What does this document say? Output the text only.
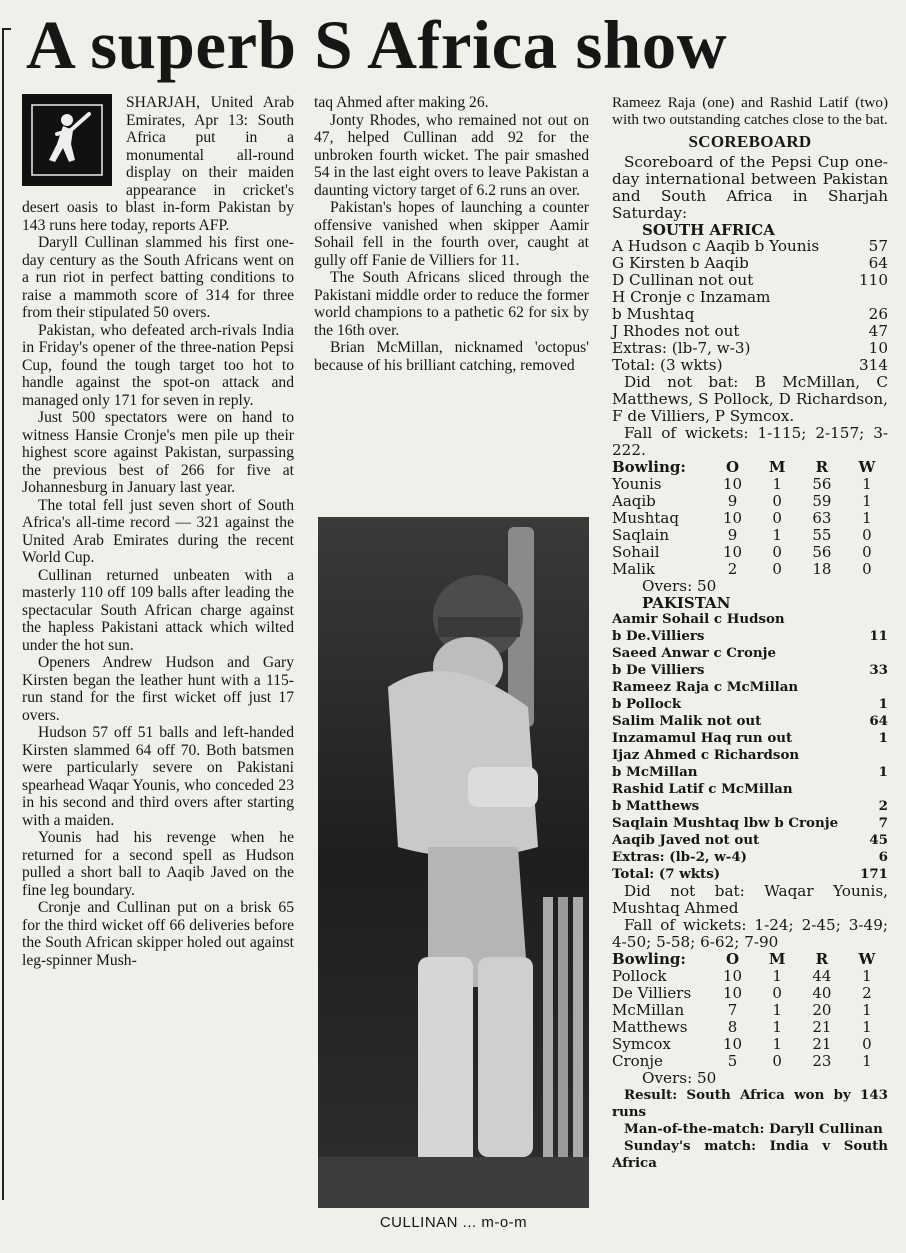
A superb S Africa show

SHARJAH, United Arab Emirates, Apr 13: South Africa put in a monumental all-round display on their maiden appearance in cricket's desert oasis to blast in-form Pakistan by 143 runs here today, reports AFP.

Daryll Cullinan slammed his first one-day century as the South Africans went on a run riot in perfect batting conditions to raise a mammoth score of 314 for three from their stipulated 50 overs.

Pakistan, who defeated arch-rivals India in Friday's opener of the three-nation Pepsi Cup, found the tough target too hot to handle against the spot-on attack and managed only 171 for seven in reply.

Just 500 spectators were on hand to witness Hansie Cronje's men pile up their highest score against Pakistan, surpassing the previous best of 266 for five at Johannesburg in January last year.

The total fell just seven short of South Africa's all-time record — 321 against the United Arab Emirates during the recent World Cup.

Cullinan returned unbeaten with a masterly 110 off 109 balls after leading the spectacular South African charge against the hapless Pakistani attack which wilted under the hot sun.

Openers Andrew Hudson and Gary Kirsten began the leather hunt with a 115-run stand for the first wicket off just 17 overs.

Hudson 57 off 51 balls and left-handed Kirsten slammed 64 off 70. Both batsmen were particularly severe on Pakistani spearhead Waqar Younis, who conceded 23 in his second and third overs after starting with a maiden.

Younis had his revenge when he returned for a second spell as Hudson pulled a short ball to Aaqib Javed on the fine leg boundary.

Cronje and Cullinan put on a brisk 65 for the third wicket off 66 deliveries before the South African skipper holed out against leg-spinner Mush-

taq Ahmed after making 26.

Jonty Rhodes, who remained not out on 47, helped Cullinan add 92 for the unbroken fourth wicket. The pair smashed 54 in the last eight overs to leave Pakistan a daunting victory target of 6.2 runs an over.

Pakistan's hopes of launching a counter offensive vanished when skipper Aamir Sohail fell in the fourth over, caught at gully off Fanie de Villiers for 11.

The South Africans sliced through the Pakistani middle order to reduce the former world champions to a pathetic 62 for six by the 16th over.

Brian McMillan, nicknamed 'octopus' because of his brilliant catching, removed

CULLINAN ... m-o-m

Rameez Raja (one) and Rashid Latif (two) with two outstanding catches close to the bat.

SCOREBOARD

Scoreboard of the Pepsi Cup one-day international between Pakistan and South Africa in Sharjah Saturday:

SOUTH AFRICA
A Hudson c Aaqib b Younis	57
G Kirsten b Aaqib	64
D Cullinan not out	110
H Cronje c Inzamam
b Mushtaq	26
J Rhodes not out	47
Extras: (lb-7, w-3)	10
Total: (3 wkts)	314

Did not bat: B McMillan, C Matthews, S Pollock, D Richardson, F de Villiers, P Symcox.

Fall of wickets: 1-115; 2-157; 3-222.

Bowling:	O	M	R	W
Younis	10	1	56	1
Aaqib	9	0	59	1
Mushtaq	10	0	63	1
Saqlain	9	1	55	0
Sohail	10	0	56	0
Malik	2	0	18	0

Overs: 50

PAKISTAN
Aamir Sohail c Hudson
b De.Villiers	11
Saeed Anwar c Cronje
b De Villiers	33
Rameez Raja c McMillan
b Pollock	1
Salim Malik not out	64
Inzamamul Haq run out	1
Ijaz Ahmed c Richardson
b McMillan	1
Rashid Latif c McMillan
b Matthews	2
Saqlain Mushtaq lbw b Cronje	7
Aaqib Javed not out	45
Extras: (lb-2, w-4)	6
Total: (7 wkts)	171

Did not bat: Waqar Younis, Mushtaq Ahmed

Fall of wickets: 1-24; 2-45; 3-49; 4-50; 5-58; 6-62; 7-90

Bowling:	O	M	R	W
Pollock	10	1	44	1
De Villiers	10	0	40	2
McMillan	7	1	20	1
Matthews	8	1	21	1
Symcox	10	1	21	0
Cronje	5	0	23	1

Overs: 50

Result: South Africa won by 143 runs

Man-of-the-match: Daryll Cullinan

Sunday's match: India v South Africa
